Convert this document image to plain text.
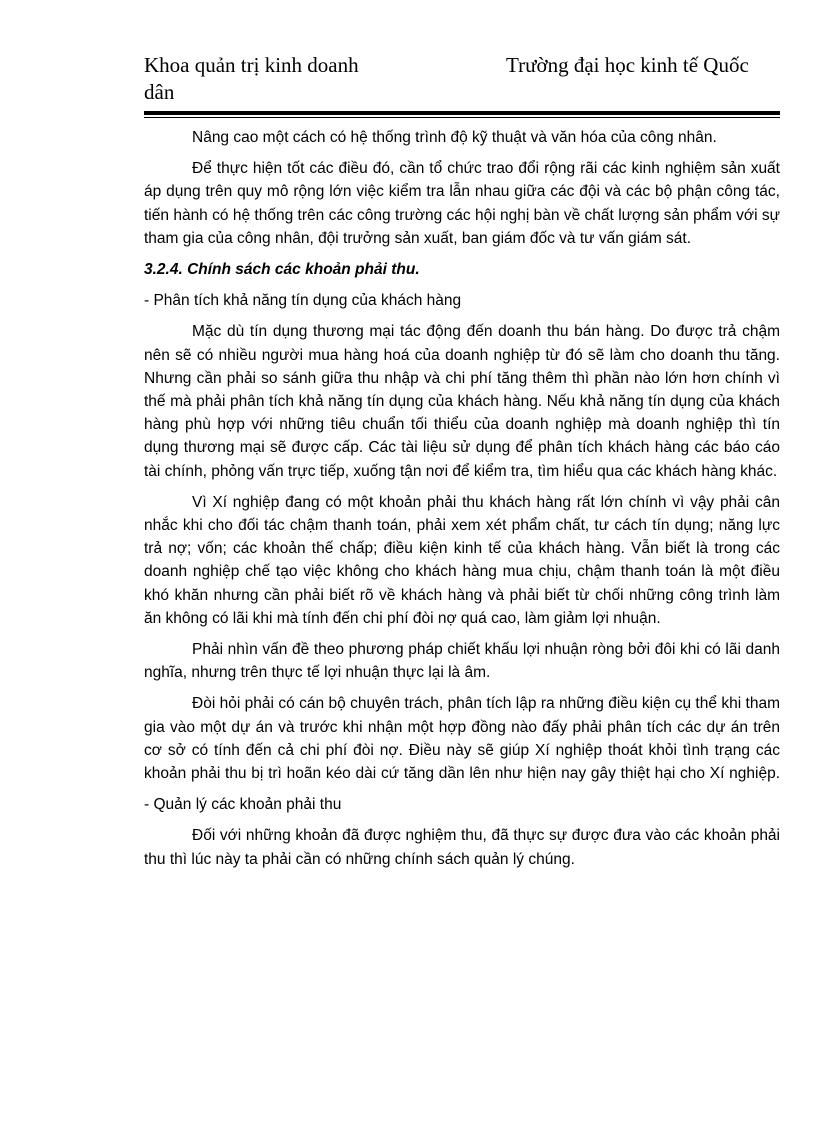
Khoa quản trị kinh doanh	Trường đại học kinh tế Quốc
dân

Nâng cao một cách có hệ thống trình độ kỹ thuật và văn hóa của công nhân.

Để thực hiện tốt các điều đó, cần tổ chức trao đổi rộng rãi các kinh nghiệm sản xuất áp dụng trên quy mô rộng lớn việc kiểm tra lẫn nhau giữa các đội và các bộ phận công tác, tiến hành có hệ thống trên các công trường các hội nghị bàn về chất lượng sản phẩm với sự tham gia của công nhân, đội trưởng sản xuất, ban giám đốc và tư vấn giám sát.

3.2.4. Chính sách các khoản phải thu.
- Phân tích khả năng tín dụng của khách hàng

Mặc dù tín dụng thương mại tác động đến doanh thu bán hàng. Do được trả chậm nên sẽ có nhiều người mua hàng hoá của doanh nghiệp từ đó sẽ làm cho doanh thu tăng. Nhưng cần phải so sánh giữa thu nhập và chi phí tăng thêm thì phần nào lớn hơn chính vì thế mà phải phân tích khả năng tín dụng của khách hàng. Nếu khả năng tín dụng của khách hàng phù hợp với những tiêu chuẩn tối thiểu của doanh nghiệp mà doanh nghiệp thì tín dụng thương mại sẽ được cấp. Các tài liệu sử dụng để phân tích khách hàng các báo cáo tài chính, phỏng vấn trực tiếp, xuống tận nơi để kiểm tra, tìm hiểu qua các khách hàng khác.

Vì Xí nghiệp đang có một khoản phải thu khách hàng rất lớn chính vì vậy phải cân nhắc khi cho đối tác chậm thanh toán, phải xem xét phẩm chất, tư cách tín dụng; năng lực trả nợ; vốn; các khoản thế chấp; điều kiện kinh tế của khách hàng. Vẫn biết là trong các doanh nghiệp chế tạo việc không cho khách hàng mua chịu, chậm thanh toán là một điều khó khăn nhưng cần phải biết rõ về khách hàng và phải biết từ chối những công trình làm ăn không có lãi khi mà tính đến chi phí đòi nợ quá cao, làm giảm lợi nhuận.

Phải nhìn vấn đề theo phương pháp chiết khấu lợi nhuận ròng bởi đôi khi có lãi danh nghĩa, nhưng trên thực tế lợi nhuận thực lại là âm.

Đòi hỏi phải có cán bộ chuyên trách, phân tích lập ra những điều kiện cụ thể khi tham gia vào một dự án và trước khi nhận một hợp đồng nào đấy phải phân tích các dự án trên cơ sở có tính đến cả chi phí đòi nợ. Điều này sẽ giúp Xí nghiệp thoát khỏi tình trạng các khoản phải thu bị trì hoãn kéo dài cứ tăng dần lên như hiện nay gây thiệt hại cho Xí nghiệp.

- Quản lý các khoản phải thu

Đối với những khoản đã được nghiệm thu, đã thực sự được đưa vào các khoản phải thu thì lúc này ta phải cần có những chính sách quản lý chúng.
